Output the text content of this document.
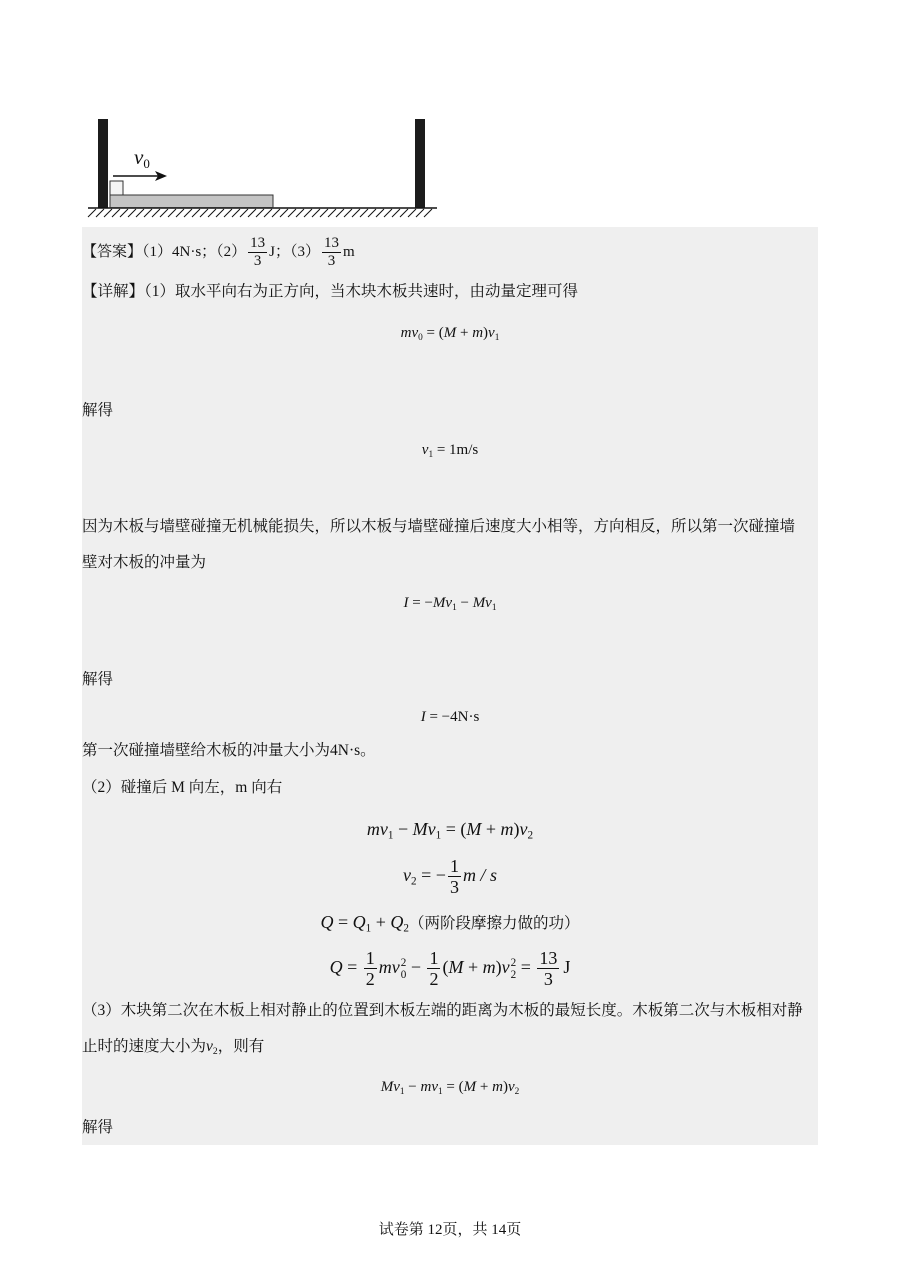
v0
【答案】（1）4N·s；$(2) \frac{13}{3}$ J；$(3) \frac{13}{3}$ m
【详解】（1）取水平向右为正方向，当木块木板共速时，由动量定理可得
mv0 = (M + m)v1
解得
v1 = 1m/s
因为木板与墙壁碰撞无机械能损失，所以木板与墙壁碰撞后速度大小相等，方向相反，所以第一次碰撞墙
壁对木板的冲量为
I = −Mv1 − Mv1
解得
I = −4N·s
第一次碰撞墙壁给木板的冲量大小为4N·s。
（2）碰撞后 M 向左，m 向右
mv1 − Mv1 = (M + m)v2
v2 = − $\frac{1}{3}$ m / s
Q = Q1 + Q2（两阶段摩擦力做的功）
$Q = \frac{1}{2}$ mv 2
$0 - \frac{1}{2} (M + m)v$ 2
$2 = \frac{13}{3}$ J
（3）木块第二次在木板上相对静止的位置到木板左端的距离为木板的最短长度。木板第二次与木板相对静
止时的速度大小为v2，则有
Mv1 − mv1 = (M + m)v2
解得
试卷第 12页，共 14页
